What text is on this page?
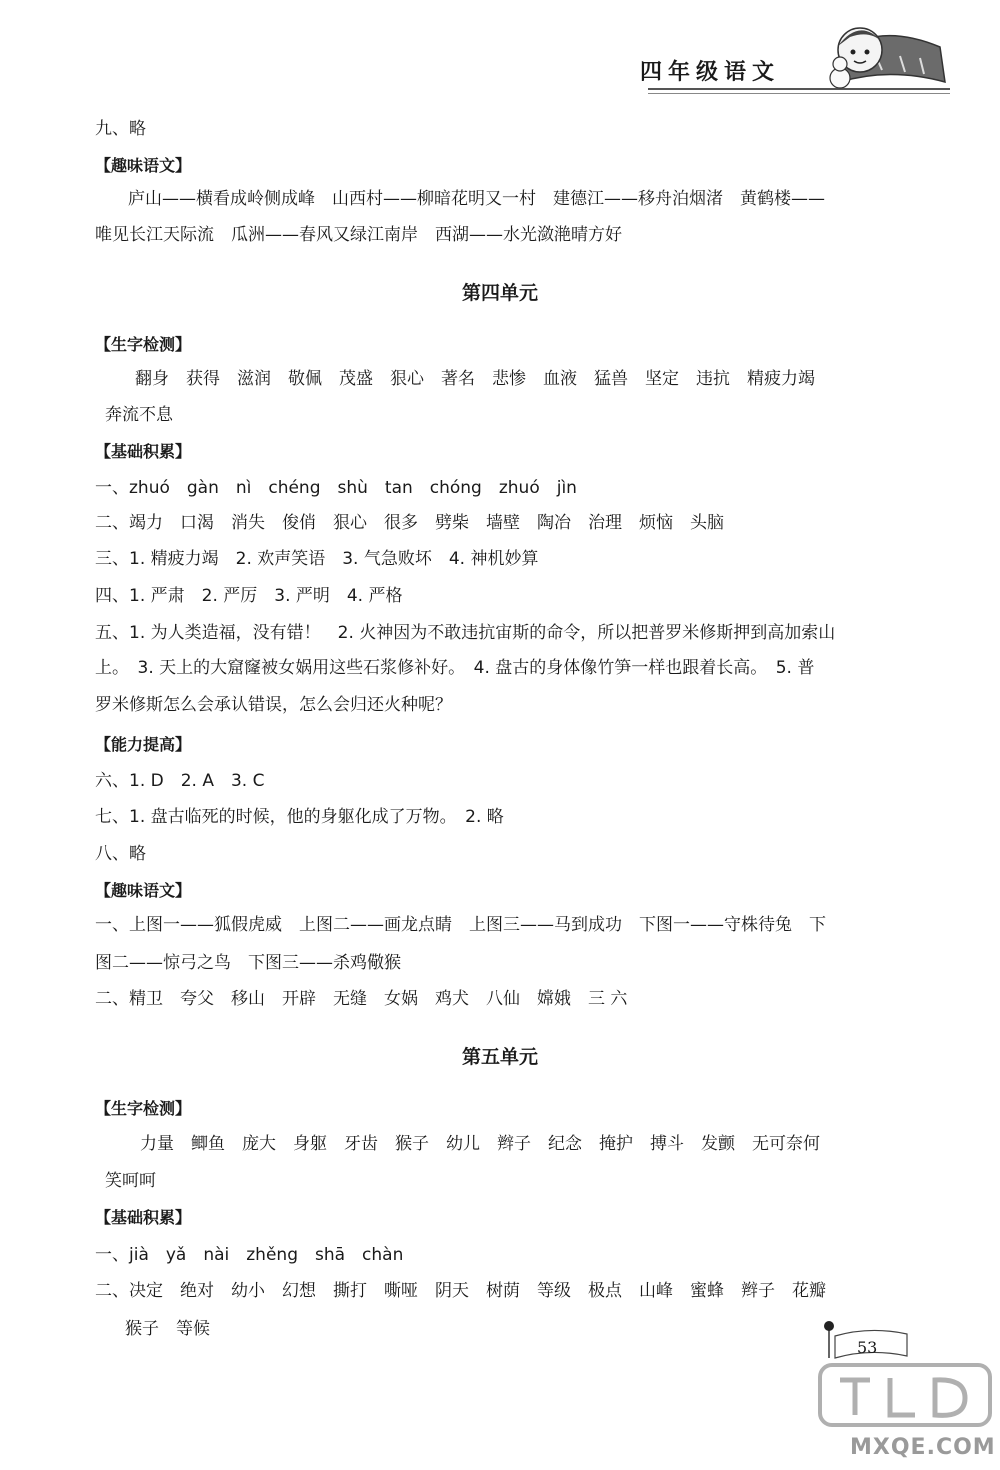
四年级语文
九、略
【趣味语文】
庐山——横看成岭侧成峰　山西村——柳暗花明又一村　建德江——移舟泊烟渚　黄鹤楼——
唯见长江天际流　瓜洲——春风又绿江南岸　西湖——水光潋滟晴方好
第四单元
【生字检测】
翻身　获得　滋润　敬佩　茂盛　狠心　著名　悲惨　血液　猛兽　坚定　违抗　精疲力竭
奔流不息
【基础积累】
一、zhuó　gàn　nì　chéng　shù　tan　chóng　zhuó　jìn
二、竭力　口渴　消失　俊俏　狠心　很多　劈柴　墙壁　陶冶　治理　烦恼　头脑
三、1. 精疲力竭　2. 欢声笑语　3. 气急败坏　4. 神机妙算
四、1. 严肃　2. 严厉　3. 严明　4. 严格
五、1. 为人类造福，没有错！　2. 火神因为不敢违抗宙斯的命令，所以把普罗米修斯押到高加索山
上。　3. 天上的大窟窿被女娲用这些石浆修补好。　4. 盘古的身体像竹笋一样也跟着长高。　5. 普
罗米修斯怎么会承认错误，怎么会归还火种呢？
【能力提高】
六、1. D　2. A　3. C
七、1. 盘古临死的时候，他的身躯化成了万物。　2. 略
八、略
【趣味语文】
一、上图一——狐假虎威　上图二——画龙点睛　上图三——马到成功　下图一——守株待兔　下
图二——惊弓之鸟　下图三——杀鸡儆猴
二、精卫　夸父　移山　开辟　无缝　女娲　鸡犬　八仙　嫦娥　三 六
第五单元
【生字检测】
力量　鲫鱼　庞大　身躯　牙齿　猴子　幼儿　辫子　纪念　掩护　搏斗　发颤　无可奈何
笑呵呵
【基础积累】
一、jià　yǎ　nài　zhěng　shā　chàn
二、决定　绝对　幼小　幻想　撕打　嘶哑　阴天　树荫　等级　极点　山峰　蜜蜂　辫子　花瓣
猴子　等候
53
MXQE.COM
